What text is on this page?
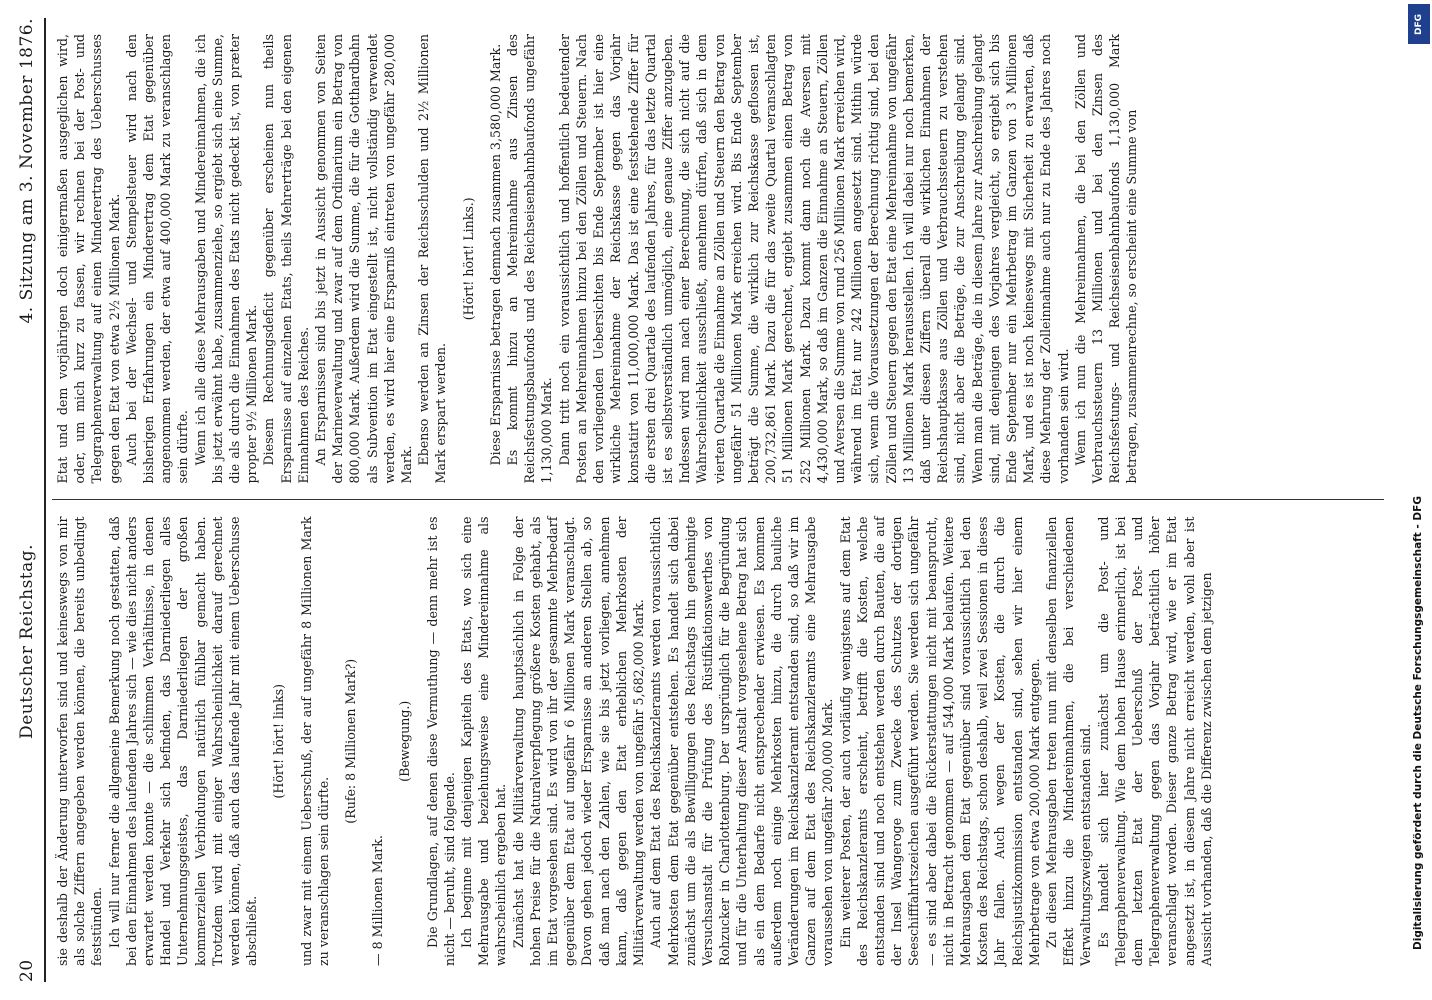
20
Deutscher Reichstag.
4. Sitzung am 3. November 1876.

sie deshalb der Änderung unterworfen sind und keineswegs von mir als solche Ziffern angegeben werden können, die bereits unbedingt feststünden. Ich will nur ferner die allgemeine Bemerkung noch gestatten, daß bei den Einnahmen des laufenden Jahres sich — wie dies nicht anders erwartet werden konnte — die schlimmen Verhältnisse, in denen Handel und Verkehr sich befinden, das Darniederliegen alles Unternehmungsgeistes, das Darniederliegen der großen kommerziellen Verbindungen natürlich fühlbar gemacht haben. Trotzdem wird mit einiger Wahrscheinlichkeit darauf gerechnet werden können, daß auch das laufende Jahr mit einem Ueberschusse abschließt.

(Hört! hört! links) und zwar mit einem Ueberschuß, der auf ungefähr 8 Millionen Mark zu veranschlagen sein dürfte.

(Rufe: 8 Millionen Mark?)

— 8 Millionen Mark.

(Bewegung.) Die Grundlagen, auf denen diese Vermuthung — denn mehr ist es nicht — beruht, sind folgende. Ich beginne mit denjenigen Kapiteln des Etats, wo sich eine Mehrausgabe und beziehungsweise eine Mindereinnahme als wahrscheinlich ergeben hat. Zunächst hat die Militärverwaltung hauptsächlich in Folge der hohen Preise für die Naturalverpflegung größere Kosten gehabt, als im Etat vorgesehen sind. Es wird von ihr der gesammte Mehrbedarf gegenüber dem Etat auf ungefähr 6 Millionen Mark veranschlagt. Davon gehen jedoch wieder Ersparnisse an anderen Stellen ab, so daß man nach den Zahlen, wie sie bis jetzt vorliegen, annehmen kann, daß gegen den Etat erheblichen Mehrkosten der Militärverwaltung werden von ungefähr 5,682,000 Mark. Auch auf dem Etat des Reichskanzleramts werden voraussichtlich Mehrkosten dem Etat gegenüber entstehen. Es handelt sich dabei zunächst um die als Bewilligungen des Reichstags hin genehmigte Versuchsanstalt für die Prüfung des Rüstifikationswerthes von Rohzucker in Charlottenburg. Der ursprünglich für die Begründung und für die Unterhaltung dieser Anstalt vorgesehene Betrag hat sich als ein dem Bedarfe nicht entsprechender erwiesen. Es kommen außerdem noch einige Mehrkosten hinzu, die durch bauliche Veränderungen im Reichskanzleramt entstanden sind, so daß wir im Ganzen auf dem Etat des Reichskanzleramts eine Mehrausgabe voraussehen von ungefähr 200,000 Mark. Ein weiterer Posten, der auch vorläufig wenigstens auf dem Etat des Reichskanzleramts erscheint, betrifft die Kosten, welche entstanden sind und noch entstehen werden durch Bauten, die auf der Insel Wangeroge zum Zwecke des Schutzes der dortigen Seeschifffahrtszeichen ausgeführt werden. Sie werden sich ungefähr — es sind aber dabei die Rückerstattungen nicht mit beansprucht, nicht in Betracht genommen — auf 544,000 Mark belaufen. Weitere Mehrausgaben dem Etat gegenüber sind voraussichtlich bei den Kosten des Reichstags, schon deshalb, weil zwei Sessionen in dieses Jahr fallen. Auch wegen der Kosten, die durch die Reichsjustizkommission entstanden sind, sehen wir hier einem Mehrbetrage von etwa 200,000 Mark entgegen. Zu diesen Mehrausgaben treten nun mit denselben finanziellen Effekt hinzu die Mindereinnahmen, die bei verschiedenen Verwaltungszweigen entstanden sind. Es handelt sich hier zunächst um die Post- und Telegraphenverwaltung. Wie dem hohen Hause erinnerlich, ist bei dem letzten Etat der Ueberschuß der Post- und Telegraphenverwaltung gegen das Vorjahr beträchtlich höher veranschlagt worden. Dieser ganze Betrag wird, wie er im Etat angesetzt ist, in diesem Jahre nicht erreicht werden, wohl aber ist Aussicht vorhanden, daß die Differenz zwischen dem jetzigen

Etat und dem vorjährigen doch einigermaßen ausgeglichen wird, oder, um mich kurz zu fassen, wir rechnen bei der Post- und Telegraphenverwaltung auf einen Minderertrag des Ueberschusses gegen den Etat von etwa 2½ Millionen Mark. Auch bei der Wechsel- und Stempelsteuer wird nach den bisherigen Erfahrungen ein Minderertrag dem Etat gegenüber angenommen werden, der etwa auf 400,000 Mark zu veranschlagen sein dürfte. Wenn ich alle diese Mehrausgaben und Mindereinnahmen, die ich bis jetzt erwähnt habe, zusammenziehe, so ergiebt sich eine Summe, die als durch die Einnahmen des Etats nicht gedeckt ist, von præter propter 9½ Millionen Mark. Diesem Rechnungsdeficit gegenüber erscheinen nun theils Ersparnisse auf einzelnen Etats, theils Mehrerträge bei den eigenen Einnahmen des Reiches. An Ersparnissen sind bis jetzt in Aussicht genommen von Seiten der Marineverwaltung und zwar auf dem Ordinarium ein Betrag von 800,000 Mark. Außerdem wird die Summe, die für die Gotthardbahn als Subvention im Etat eingestellt ist, nicht vollständig verwendet werden, es wird hier eine Ersparniß eintreten von ungefähr 280,000 Mark. Ebenso werden an Zinsen der Reichsschulden und 2½ Millionen Mark erspart werden.

(Hört! hört! Links.) Diese Ersparnisse betragen demnach zusammen 3,580,000 Mark. Es kommt hinzu an Mehreinnahme aus Zinsen des Reichsfestungsbaufonds und des Reichseisenbahnbaufonds ungefähr 1,130,000 Mark. Dann tritt noch ein voraussichtlich und hoffentlich bedeutender Posten an Mehreinnahmen hinzu bei den Zöllen und Steuern. Nach den vorliegenden Uebersichten bis Ende September ist hier eine wirkliche Mehreinnahme der Reichskasse gegen das Vorjahr konstatirt von 11,000,000 Mark. Das ist eine feststehende Ziffer für die ersten drei Quartale des laufenden Jahres, für das letzte Quartal ist es selbstverständlich unmöglich, eine genaue Ziffer anzugeben. Indessen wird man nach einer Berechnung, die sich nicht auf die Wahrscheinlichkeit ausschließt, annehmen dürfen, daß sich in dem vierten Quartale die Einnahme an Zöllen und Steuern den Betrag von ungefähr 51 Millionen Mark erreichen wird. Bis Ende September beträgt die Summe, die wirklich zur Reichskasse geflossen ist, 200,732,861 Mark. Dazu die für das zweite Quartal veranschlagten 51 Millionen Mark gerechnet, ergiebt zusammen einen Betrag von 252 Millionen Mark. Dazu kommt dann noch die Aversen mit 4,430,000 Mark, so daß im Ganzen die Einnahme an Steuern, Zöllen und Aversen die Summe von rund 256 Millionen Mark erreichen wird, während im Etat nur 242 Millionen angesetzt sind. Mithin würde sich, wenn die Voraussetzungen der Berechnung richtig sind, bei den Zöllen und Steuern gegen den Etat eine Mehreinnahme von ungefähr 13 Millionen Mark herausstellen. Ich will dabei nur noch bemerken, daß unter diesen Ziffern überall die wirklichen Einnahmen der Reichshauptkasse aus Zöllen und Verbrauchssteuern zu verstehen sind, nicht aber die Beträge, die zur Anschreibung gelangt sind. Wenn man die Beträge, die in diesem Jahre zur Anschreibung gelangt sind, mit denjenigen des Vorjahres vergleicht, so ergiebt sich bis Ende September nur ein Mehrbetrag im Ganzen von 3 Millionen Mark, und es ist noch keineswegs mit Sicherheit zu erwarten, daß diese Mehrung der Zolleinnahme auch nur zu Ende des Jahres noch vorhanden sein wird. Wenn ich nun die Mehreinnahmen, die bei den Zöllen und Verbrauchssteuern 13 Millionen und bei den Zinsen des Reichsfestungs- und Reichseisenbahnbaufonds 1,130,000 Mark betragen, zusammenrechne, so erscheint eine Summe von

DFG
Digitalisierung gefördert durch die Deutsche Forschungsgemeinschaft - DFG
